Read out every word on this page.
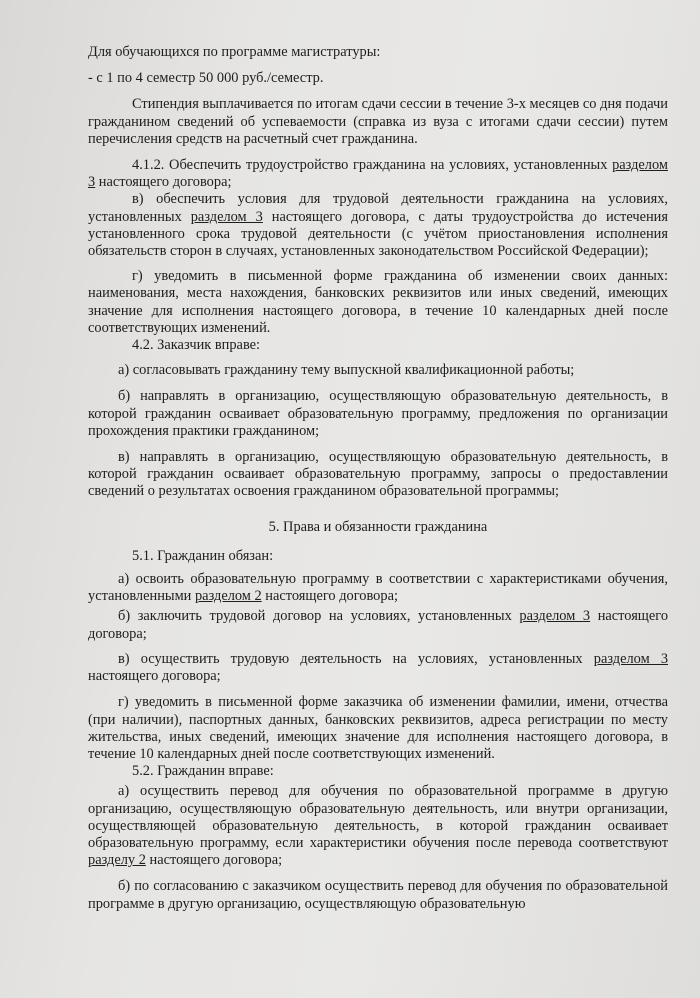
Для обучающихся по программе магистратуры:

- с 1 по 4 семестр 50 000 руб./семестр.

Стипендия выплачивается по итогам сдачи сессии в течение 3-х месяцев со дня подачи гражданином сведений об успеваемости (справка из вуза с итогами сдачи сессии) путем перечисления средств на расчетный счет гражданина.

4.1.2. Обеспечить трудоустройство гражданина на условиях, установленных разделом 3 настоящего договора;

в) обеспечить условия для трудовой деятельности гражданина на условиях, установленных разделом 3 настоящего договора, с даты трудоустройства до истечения установленного срока трудовой деятельности (с учётом приостановления исполнения обязательств сторон в случаях, установленных законодательством Российской Федерации);

г) уведомить в письменной форме гражданина об изменении своих данных: наименования, места нахождения, банковских реквизитов или иных сведений, имеющих значение для исполнения настоящего договора, в течение 10 календарных дней после соответствующих изменений.

4.2. Заказчик вправе:

а) согласовывать гражданину тему выпускной квалификационной работы;

б) направлять в организацию, осуществляющую образовательную деятельность, в которой гражданин осваивает образовательную программу, предложения по организации прохождения практики гражданином;

в) направлять в организацию, осуществляющую образовательную деятельность, в которой гражданин осваивает образовательную программу, запросы о предоставлении сведений о результатах освоения гражданином образовательной программы;

5. Права и обязанности гражданина

5.1. Гражданин обязан:

а) освоить образовательную программу в соответствии с характеристиками обучения, установленными разделом 2 настоящего договора;

б) заключить трудовой договор на условиях, установленных разделом 3 настоящего договора;

в) осуществить трудовую деятельность на условиях, установленных разделом 3 настоящего договора;

г) уведомить в письменной форме заказчика об изменении фамилии, имени, отчества (при наличии), паспортных данных, банковских реквизитов, адреса регистрации по месту жительства, иных сведений, имеющих значение для исполнения настоящего договора, в течение 10 календарных дней после соответствующих изменений.

5.2. Гражданин вправе:

а) осуществить перевод для обучения по образовательной программе в другую организацию, осуществляющую образовательную деятельность, или внутри организации, осуществляющей образовательную деятельность, в которой гражданин осваивает образовательную программу, если характеристики обучения после перевода соответствуют разделу 2 настоящего договора;

б) по согласованию с заказчиком осуществить перевод для обучения по образовательной программе в другую организацию, осуществляющую образовательную
